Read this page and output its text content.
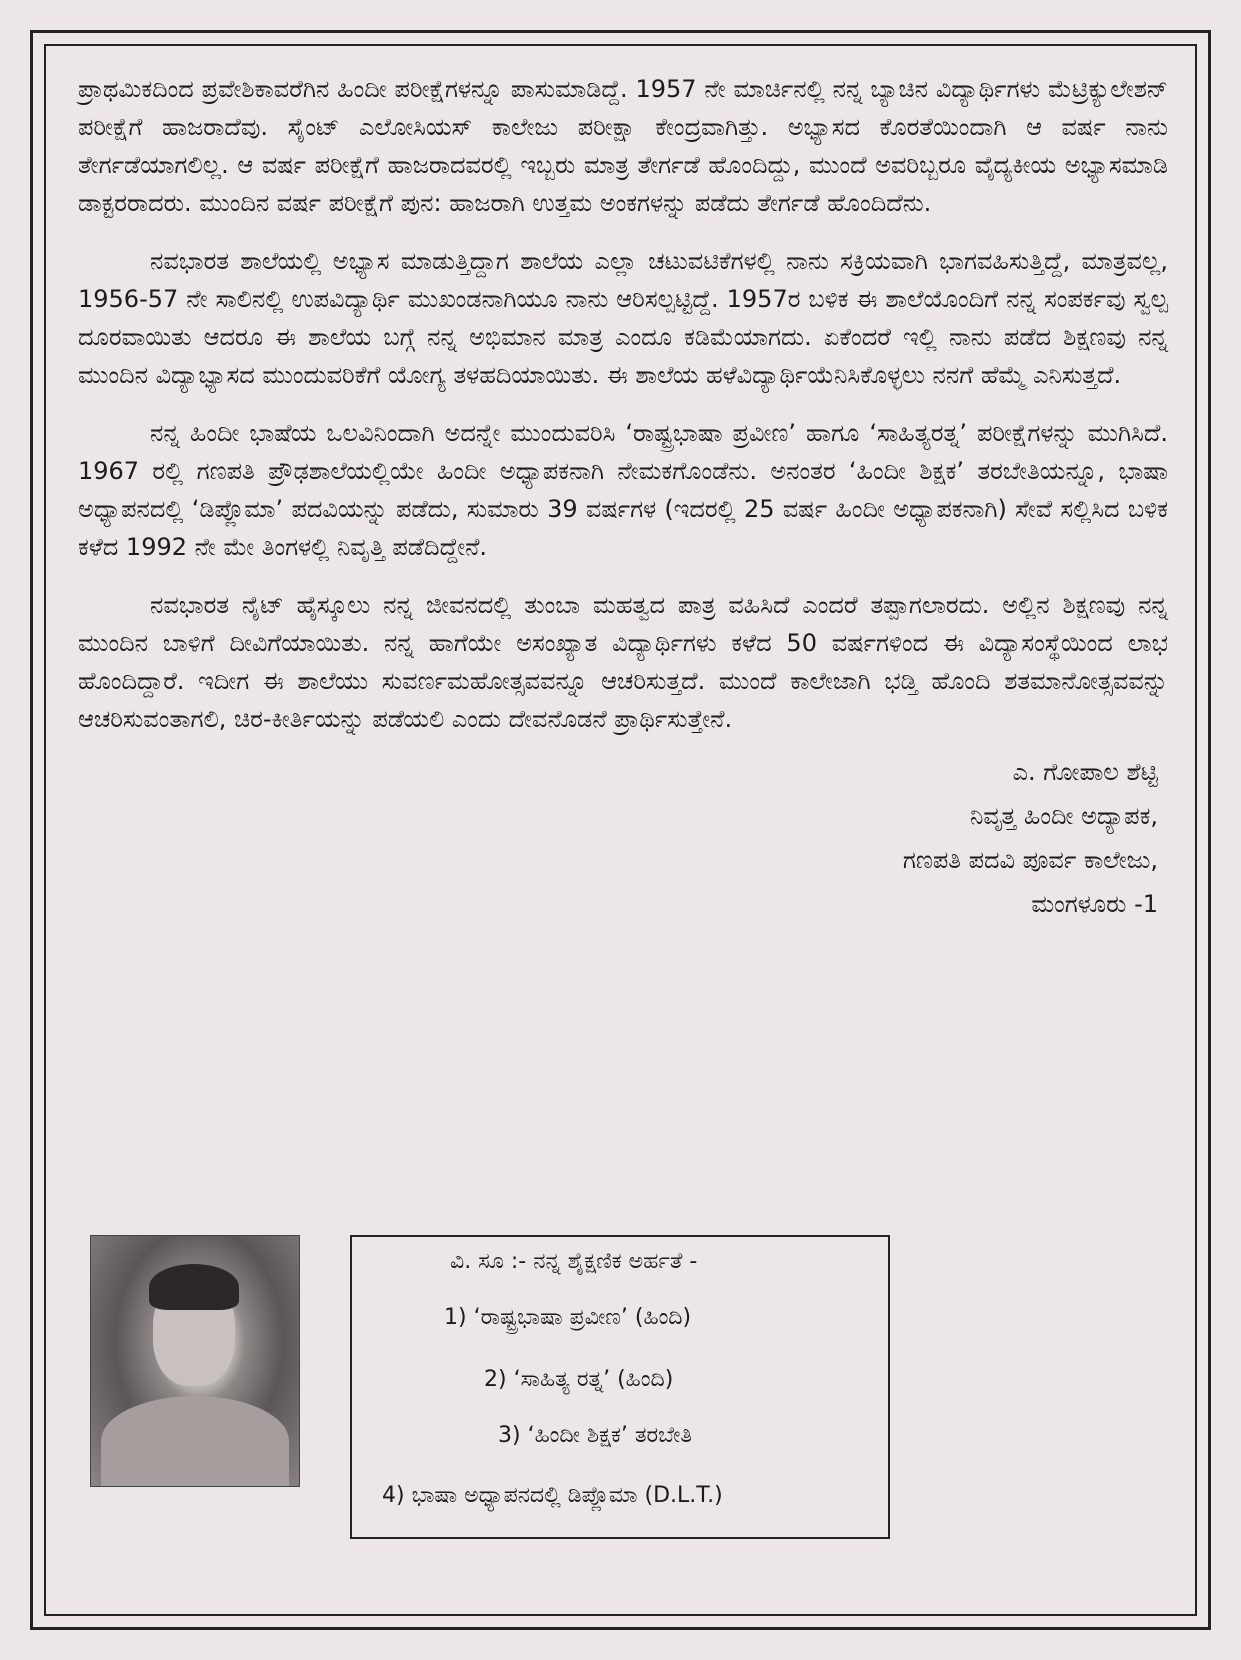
ಪ್ರಾಥಮಿಕದಿಂದ ಪ್ರವೇಶಿಕಾವರೆಗಿನ ಹಿಂದೀ ಪರೀಕ್ಷೆಗಳನ್ನೂ ಪಾಸುಮಾಡಿದ್ದೆ. 1957 ನೇ ಮಾರ್ಚಿನಲ್ಲಿ ನನ್ನ ಬ್ಯಾಚಿನ ವಿದ್ಯಾರ್ಥಿಗಳು ಮೆಟ್ರಿಕ್ಯುಲೇಶನ್ ಪರೀಕ್ಷೆಗೆ ಹಾಜರಾದೆವು. ಸೈಂಟ್ ಎಲೋಸಿಯಸ್ ಕಾಲೇಜು ಪರೀಕ್ಷಾ ಕೇಂದ್ರವಾಗಿತ್ತು. ಅಭ್ಯಾಸದ ಕೊರತೆಯಿಂದಾಗಿ ಆ ವರ್ಷ ನಾನು ತೇರ್ಗಡೆಯಾಗಲಿಲ್ಲ. ಆ ವರ್ಷ ಪರೀಕ್ಷೆಗೆ ಹಾಜರಾದವರಲ್ಲಿ ಇಬ್ಬರು ಮಾತ್ರ ತೇರ್ಗಡೆ ಹೊಂದಿದ್ದು, ಮುಂದೆ ಅವರಿಬ್ಬರೂ ವೈದ್ಯಕೀಯ ಅಭ್ಯಾಸಮಾಡಿ ಡಾಕ್ಟರರಾದರು. ಮುಂದಿನ ವರ್ಷ ಪರೀಕ್ಷೆಗೆ ಪುನ: ಹಾಜರಾಗಿ ಉತ್ತಮ ಅಂಕಗಳನ್ನು ಪಡೆದು ತೇರ್ಗಡೆ ಹೊಂದಿದೆನು.

ನವಭಾರತ ಶಾಲೆಯಲ್ಲಿ ಅಭ್ಯಾಸ ಮಾಡುತ್ತಿದ್ದಾಗ ಶಾಲೆಯ ಎಲ್ಲಾ ಚಟುವಟಿಕೆಗಳಲ್ಲಿ ನಾನು ಸಕ್ರಿಯವಾಗಿ ಭಾಗವಹಿಸುತ್ತಿದ್ದೆ, ಮಾತ್ರವಲ್ಲ, 1956-57 ನೇ ಸಾಲಿನಲ್ಲಿ ಉಪವಿದ್ಯಾರ್ಥಿ ಮುಖಂಡನಾಗಿಯೂ ನಾನು ಆರಿಸಲ್ಪಟ್ಟಿದ್ದೆ. 1957ರ ಬಳಿಕ ಈ ಶಾಲೆಯೊಂದಿಗೆ ನನ್ನ ಸಂಪರ್ಕವು ಸ್ವಲ್ಪ ದೂರವಾಯಿತು ಆದರೂ ಈ ಶಾಲೆಯ ಬಗ್ಗೆ ನನ್ನ ಅಭಿಮಾನ ಮಾತ್ರ ಎಂದೂ ಕಡಿಮೆಯಾಗದು. ಏಕೆಂದರೆ ಇಲ್ಲಿ ನಾನು ಪಡೆದ ಶಿಕ್ಷಣವು ನನ್ನ ಮುಂದಿನ ವಿದ್ಯಾಭ್ಯಾಸದ ಮುಂದುವರಿಕೆಗೆ ಯೋಗ್ಯ ತಳಹದಿಯಾಯಿತು. ಈ ಶಾಲೆಯ ಹಳೆವಿದ್ಯಾರ್ಥಿಯೆನಿಸಿಕೊಳ್ಳಲು ನನಗೆ ಹೆಮ್ಮೆ ಎನಿಸುತ್ತದೆ.

ನನ್ನ ಹಿಂದೀ ಭಾಷೆಯ ಒಲವಿನಿಂದಾಗಿ ಅದನ್ನೇ ಮುಂದುವರಿಸಿ ‘ರಾಷ್ಟ್ರಭಾಷಾ ಪ್ರವೀಣ’ ಹಾಗೂ ‘ಸಾಹಿತ್ಯರತ್ನ’ ಪರೀಕ್ಷೆಗಳನ್ನು ಮುಗಿಸಿದೆ. 1967 ರಲ್ಲಿ ಗಣಪತಿ ಪ್ರೌಢಶಾಲೆಯಲ್ಲಿಯೇ ಹಿಂದೀ ಅಧ್ಯಾಪಕನಾಗಿ ನೇಮಕಗೊಂಡೆನು. ಅನಂತರ ‘ಹಿಂದೀ ಶಿಕ್ಷಕ’ ತರಬೇತಿಯನ್ನೂ, ಭಾಷಾ ಅಧ್ಯಾಪನದಲ್ಲಿ ‘ಡಿಪ್ಲೊಮಾ’ ಪದವಿಯನ್ನು ಪಡೆದು, ಸುಮಾರು 39 ವರ್ಷಗಳ (ಇದರಲ್ಲಿ 25 ವರ್ಷ ಹಿಂದೀ ಅಧ್ಯಾಪಕನಾಗಿ) ಸೇವೆ ಸಲ್ಲಿಸಿದ ಬಳಿಕ ಕಳೆದ 1992 ನೇ ಮೇ ತಿಂಗಳಲ್ಲಿ ನಿವೃತ್ತಿ ಪಡೆದಿದ್ದೇನೆ.

ನವಭಾರತ ನೈಟ್ ಹೈಸ್ಕೂಲು ನನ್ನ ಜೀವನದಲ್ಲಿ ತುಂಬಾ ಮಹತ್ವದ ಪಾತ್ರ ವಹಿಸಿದೆ ಎಂದರೆ ತಪ್ಪಾಗಲಾರದು. ಅಲ್ಲಿನ ಶಿಕ್ಷಣವು ನನ್ನ ಮುಂದಿನ ಬಾಳಿಗೆ ದೀವಿಗೆಯಾಯಿತು. ನನ್ನ ಹಾಗೆಯೇ ಅಸಂಖ್ಯಾತ ವಿದ್ಯಾರ್ಥಿಗಳು ಕಳೆದ 50 ವರ್ಷಗಳಿಂದ ಈ ವಿದ್ಯಾಸಂಸ್ಥೆಯಿಂದ ಲಾಭ ಹೊಂದಿದ್ದಾರೆ. ಇದೀಗ ಈ ಶಾಲೆಯು ಸುವರ್ಣಮಹೋತ್ಸವವನ್ನೂ ಆಚರಿಸುತ್ತದೆ. ಮುಂದೆ ಕಾಲೇಜಾಗಿ ಭಡ್ತಿ ಹೊಂದಿ ಶತಮಾನೋತ್ಸವವನ್ನು ಆಚರಿಸುವಂತಾಗಲಿ, ಚಿರ-ಕೀರ್ತಿಯನ್ನು ಪಡೆಯಲಿ ಎಂದು ದೇವನೊಡನೆ ಪ್ರಾರ್ಥಿಸುತ್ತೇನೆ.

ಎ. ಗೋಪಾಲ ಶೆಟ್ಟಿ
ನಿವೃತ್ತ ಹಿಂದೀ ಅದ್ಯಾಪಕ,
ಗಣಪತಿ ಪದವಿ ಪೂರ್ವ ಕಾಲೇಜು,
ಮಂಗಳೂರು -1
ವಿ. ಸೂ :- ನನ್ನ ಶೈಕ್ಷಣಿಕ ಅರ್ಹತೆ -
1) ‘ರಾಷ್ಟ್ರಭಾಷಾ ಪ್ರವೀಣ’ (ಹಿಂದಿ)
2) ‘ಸಾಹಿತ್ಯ ರತ್ನ’ (ಹಿಂದಿ)
3) ‘ಹಿಂದೀ ಶಿಕ್ಷಕ’ ತರಬೇತಿ
4) ಭಾಷಾ ಅಧ್ಯಾಪನದಲ್ಲಿ ಡಿಪ್ಲೊಮಾ (D.L.T.)
